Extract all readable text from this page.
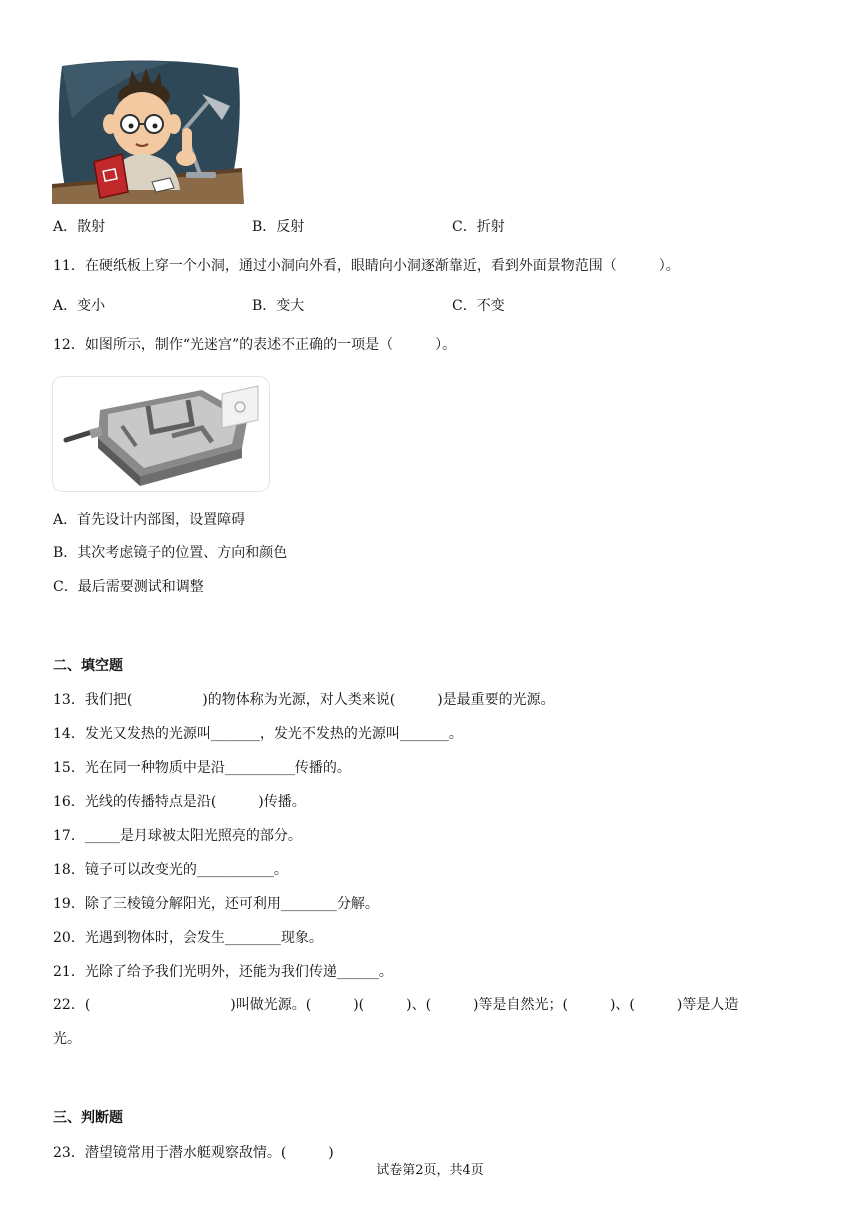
A．散射	B．反射	C．折射
11．在硬纸板上穿一个小洞，通过小洞向外看，眼睛向小洞逐渐靠近，看到外面景物范围（　　　）。
A．变小	B．变大	C．不变
12．如图所示，制作“光迷宫”的表述不正确的一项是（　　　）。
A．首先设计内部图，设置障碍
B．其次考虑镜子的位置、方向和颜色
C．最后需要测试和调整
二、填空题
13．我们把(　　　　　)的物体称为光源，对人类来说(　　　)是最重要的光源。
14．发光又发热的光源叫_______，发光不发热的光源叫_______。
15．光在同一种物质中是沿__________传播的。
16．光线的传播特点是沿(　　　)传播。
17．_____是月球被太阳光照亮的部分。
18．镜子可以改变光的___________。
19．除了三棱镜分解阳光，还可利用________分解。
20．光遇到物体时，会发生________现象。
21．光除了给予我们光明外，还能为我们传递______。
22．(　　　　　　　　　　)叫做光源。(　　　)(　　　)、(　　　)等是自然光；(　　　)、(　　　)等是人造
光。
三、判断题
23．潜望镜常用于潜水艇观察敌情。(　　　)
试卷第2页，共4页
